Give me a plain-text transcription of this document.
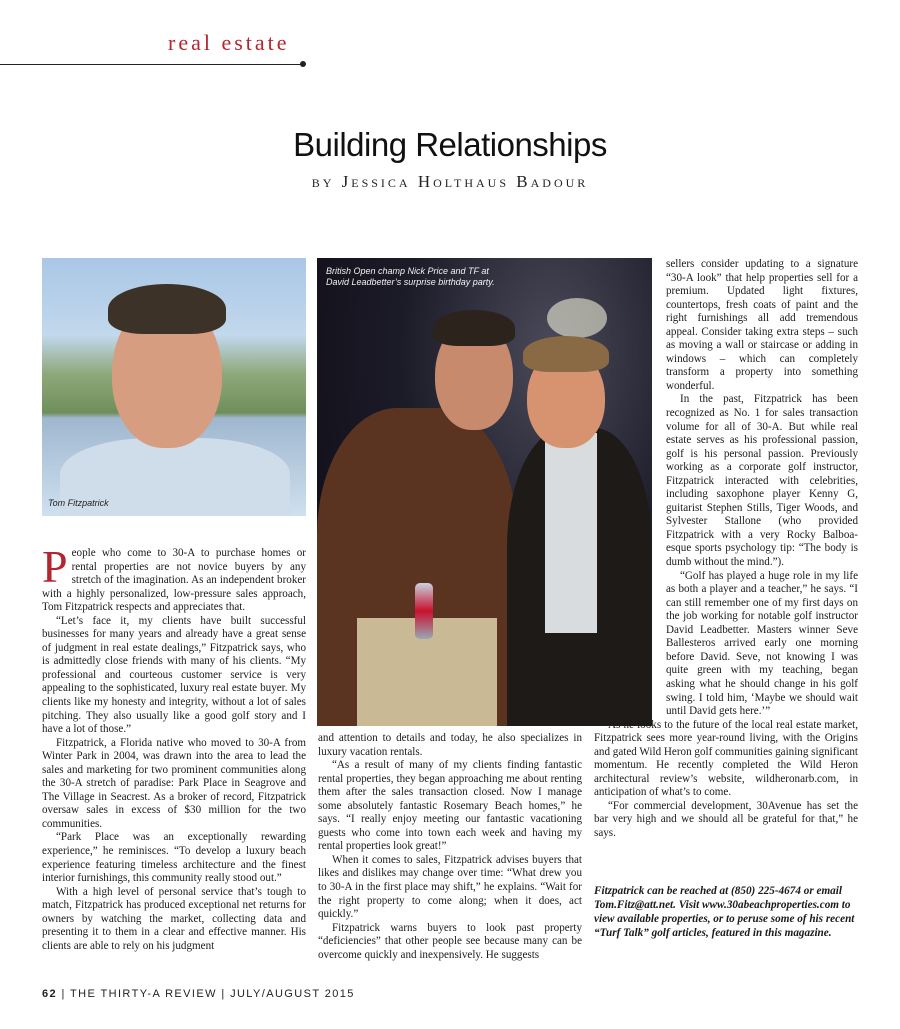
real estate
Building Relationships
by Jessica Holthaus Badour
Tom Fitzpatrick
British Open champ Nick Price and TF at David Leadbetter’s surprise birthday party.

People who come to 30-A to purchase homes or rental properties are not novice buyers by any stretch of the imagination. As an independent broker with a highly personalized, low-pressure sales approach, Tom Fitzpatrick respects and appreciates that.

“Let’s face it, my clients have built successful businesses for many years and already have a great sense of judgment in real estate dealings,” Fitzpatrick says, who is admittedly close friends with many of his clients. “My professional and courteous customer service is very appealing to the sophisticated, luxury real estate buyer. My clients like my honesty and integrity, without a lot of sales pitching. They also usually like a good golf story and I have a lot of those.”

Fitzpatrick, a Florida native who moved to 30-A from Winter Park in 2004, was drawn into the area to lead the sales and marketing for two prominent communities along the 30-A stretch of paradise: Park Place in Seagrove and The Village in Seacrest. As a broker of record, Fitzpatrick oversaw sales in excess of $30 million for the two communities.

“Park Place was an exceptionally rewarding experience,” he reminisces. “To develop a luxury beach experience featuring timeless architecture and the finest interior furnishings, this community really stood out.”

With a high level of personal service that’s tough to match, Fitzpatrick has produced exceptional net returns for owners by watching the market, collecting data and presenting it to them in a clear and effective manner. His clients are able to rely on his judgment

and attention to details and today, he also specializes in luxury vacation rentals.

“As a result of many of my clients finding fantastic rental properties, they began approaching me about renting them after the sales transaction closed. Now I manage some absolutely fantastic Rosemary Beach homes,” he says. “I really enjoy meeting our fantastic vacationing guests who come into town each week and having my rental properties look great!”

When it comes to sales, Fitzpatrick advises buyers that likes and dislikes may change over time: “What drew you to 30-A in the first place may shift,” he explains. “Wait for the right property to come along; when it does, act quickly.”

Fitzpatrick warns buyers to look past property “deficiencies” that other people see because many can be overcome quickly and inexpensively. He suggests

sellers consider updating to a signature “30-A look” that help properties sell for a premium. Updated light fixtures, countertops, fresh coats of paint and the right furnishings all add tremendous appeal. Consider taking extra steps – such as moving a wall or staircase or adding in windows – which can completely transform a property into something wonderful.

In the past, Fitzpatrick has been recognized as No. 1 for sales transaction volume for all of 30-A. But while real estate serves as his professional passion, golf is his personal passion. Previously working as a corporate golf instructor, Fitzpatrick interacted with celebrities, including saxophone player Kenny G, guitarist Stephen Stills, Tiger Woods, and Sylvester Stallone (who provided Fitzpatrick with a very Rocky Balboa-esque sports psychology tip: “The body is dumb without the mind.”).

“Golf has played a huge role in my life as both a player and a teacher,” he says. “I can still remember one of my first days on the job working for notable golf instructor David Leadbetter. Masters winner Seve Ballesteros arrived early one morning before David. Seve, not knowing I was quite green with my teaching, began asking what he should change in his golf swing. I told him, ‘Maybe we should wait until David gets here.’”

As he looks to the future of the local real estate market, Fitzpatrick sees more year-round living, with the Origins and gated Wild Heron golf communities gaining significant momentum. He recently completed the Wild Heron architectural review’s website, wildheronarb.com, in anticipation of what’s to come.

“For commercial development, 30Avenue has set the bar very high and we should all be grateful for that,” he says.

Fitzpatrick can be reached at (850) 225-4674 or email Tom.Fitz@att.net. Visit www.30abeachproperties.com to view available properties, or to peruse some of his recent “Turf Talk” golf articles, featured in this magazine.
62 | THE THIRTY-A REVIEW | JULY/AUGUST 2015
